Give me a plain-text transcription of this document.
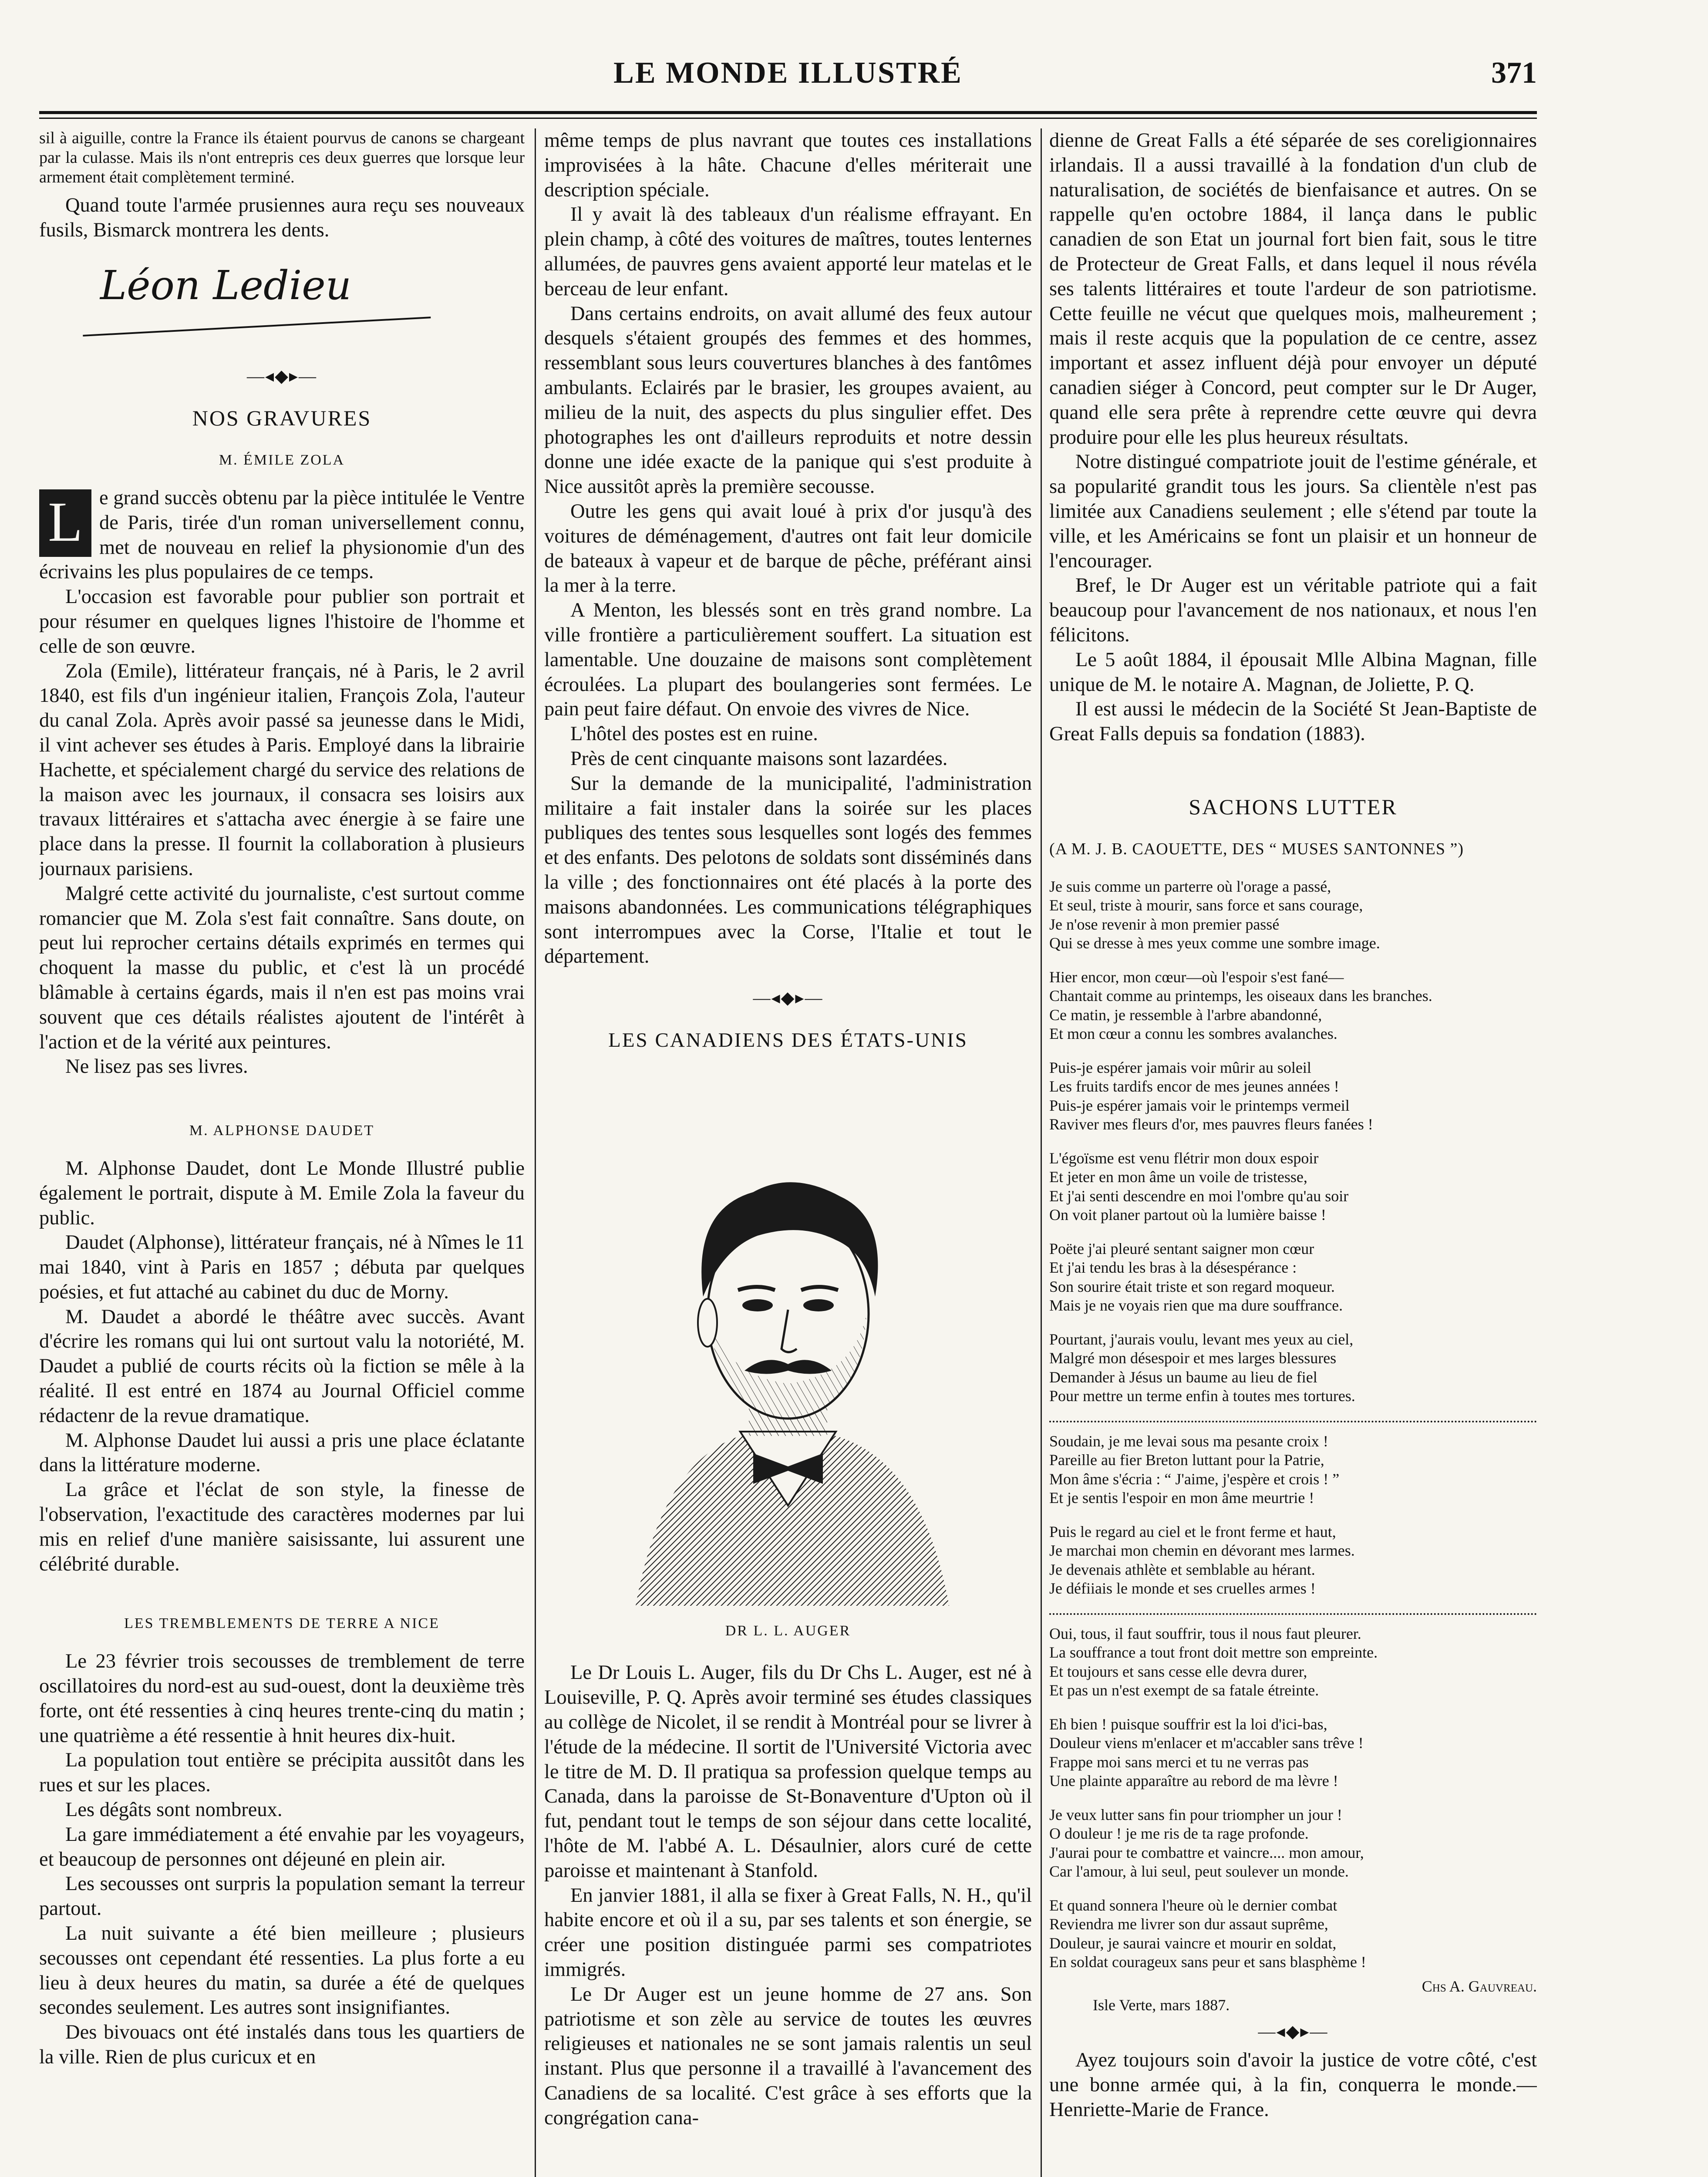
LE MONDE ILLUSTRÉ	371

sil à aiguille, contre la France ils étaient pourvus de canons se chargeant par la culasse. Mais ils n'ont entrepris ces deux guerres que lorsque leur armement était complètement terminé.

Quand toute l'armée prusiennes aura reçu ses nouveaux fusils, Bismarck montrera les dents.

Léon Ledieu
—◂◆▸—
NOS GRAVURES
M. ÉMILE ZOLA

L e grand succès obtenu par la pièce intitulée le Ventre de Paris, tirée d'un roman universellement connu, met de nouveau en relief la physionomie d'un des écrivains les plus populaires de ce temps.

L'occasion est favorable pour publier son portrait et pour résumer en quelques lignes l'histoire de l'homme et celle de son œuvre.

Zola (Emile), littérateur français, né à Paris, le 2 avril 1840, est fils d'un ingénieur italien, François Zola, l'auteur du canal Zola. Après avoir passé sa jeunesse dans le Midi, il vint achever ses études à Paris. Employé dans la librairie Hachette, et spécialement chargé du service des relations de la maison avec les journaux, il consacra ses loisirs aux travaux littéraires et s'attacha avec énergie à se faire une place dans la presse. Il fournit la collaboration à plusieurs journaux parisiens.

Malgré cette activité du journaliste, c'est surtout comme romancier que M. Zola s'est fait connaître. Sans doute, on peut lui reprocher certains détails exprimés en termes qui choquent la masse du public, et c'est là un procédé blâmable à certains égards, mais il n'en est pas moins vrai souvent que ces détails réalistes ajoutent de l'intérêt à l'action et de la vérité aux peintures.

Ne lisez pas ses livres.

M. ALPHONSE DAUDET

M. Alphonse Daudet, dont Le Monde Illustré publie également le portrait, dispute à M. Emile Zola la faveur du public.

Daudet (Alphonse), littérateur français, né à Nîmes le 11 mai 1840, vint à Paris en 1857 ; débuta par quelques poésies, et fut attaché au cabinet du duc de Morny.

M. Daudet a abordé le théâtre avec succès. Avant d'écrire les romans qui lui ont surtout valu la notoriété, M. Daudet a publié de courts récits où la fiction se mêle à la réalité. Il est entré en 1874 au Journal Officiel comme rédactenr de la revue dramatique.

M. Alphonse Daudet lui aussi a pris une place éclatante dans la littérature moderne.

La grâce et l'éclat de son style, la finesse de l'observation, l'exactitude des caractères modernes par lui mis en relief d'une manière saisissante, lui assurent une célébrité durable.

LES TREMBLEMENTS DE TERRE A NICE

Le 23 février trois secousses de tremblement de terre oscillatoires du nord-est au sud-ouest, dont la deuxième très forte, ont été ressenties à cinq heures trente-cinq du matin ; une quatrième a été ressentie à hnit heures dix-huit.

La population tout entière se précipita aussitôt dans les rues et sur les places.

Les dégâts sont nombreux.

La gare immédiatement a été envahie par les voyageurs, et beaucoup de personnes ont déjeuné en plein air.

Les secousses ont surpris la population semant la terreur partout.

La nuit suivante a été bien meilleure ; plusieurs secousses ont cependant été ressenties. La plus forte a eu lieu à deux heures du matin, sa durée a été de quelques secondes seulement. Les autres sont insignifiantes.

Des bivouacs ont été instalés dans tous les quartiers de la ville. Rien de plus curicux et en

même temps de plus navrant que toutes ces installations improvisées à la hâte. Chacune d'elles mériterait une description spéciale.

Il y avait là des tableaux d'un réalisme effrayant. En plein champ, à côté des voitures de maîtres, toutes lenternes allumées, de pauvres gens avaient apporté leur matelas et le berceau de leur enfant.

Dans certains endroits, on avait allumé des feux autour desquels s'étaient groupés des femmes et des hommes, ressemblant sous leurs couvertures blanches à des fantômes ambulants. Eclairés par le brasier, les groupes avaient, au milieu de la nuit, des aspects du plus singulier effet. Des photographes les ont d'ailleurs reproduits et notre dessin donne une idée exacte de la panique qui s'est produite à Nice aussitôt après la première secousse.

Outre les gens qui avait loué à prix d'or jusqu'à des voitures de déménagement, d'autres ont fait leur domicile de bateaux à vapeur et de barque de pêche, préférant ainsi la mer à la terre.

A Menton, les blessés sont en très grand nombre. La ville frontière a particulièrement souffert. La situation est lamentable. Une douzaine de maisons sont complètement écroulées. La plupart des boulangeries sont fermées. Le pain peut faire défaut. On envoie des vivres de Nice.

L'hôtel des postes est en ruine.

Près de cent cinquante maisons sont lazardées.

Sur la demande de la municipalité, l'administration militaire a fait instaler dans la soirée sur les places publiques des tentes sous lesquelles sont logés des femmes et des enfants. Des pelotons de soldats sont disséminés dans la ville ; des fonctionnaires ont été placés à la porte des maisons abandonnées. Les communications télégraphiques sont interrompues avec la Corse, l'Italie et tout le département.

—◂◆▸—
LES CANADIENS DES ÉTATS-UNIS
DR L. L. AUGER

Le Dr Louis L. Auger, fils du Dr Chs L. Auger, est né à Louiseville, P. Q. Après avoir terminé ses études classiques au collège de Nicolet, il se rendit à Montréal pour se livrer à l'étude de la médecine. Il sortit de l'Université Victoria avec le titre de M. D. Il pratiqua sa profession quelque temps au Canada, dans la paroisse de St-Bonaventure d'Upton où il fut, pendant tout le temps de son séjour dans cette localité, l'hôte de M. l'abbé A. L. Désaulnier, alors curé de cette paroisse et maintenant à Stanfold.

En janvier 1881, il alla se fixer à Great Falls, N. H., qu'il habite encore et où il a su, par ses talents et son énergie, se créer une position distinguée parmi ses compatriotes immigrés.

Le Dr Auger est un jeune homme de 27 ans. Son patriotisme et son zèle au service de toutes les œuvres religieuses et nationales ne se sont jamais ralentis un seul instant. Plus que personne il a travaillé à l'avancement des Canadiens de sa localité. C'est grâce à ses efforts que la congrégation cana-

dienne de Great Falls a été séparée de ses coreligionnaires irlandais. Il a aussi travaillé à la fondation d'un club de naturalisation, de sociétés de bienfaisance et autres. On se rappelle qu'en octobre 1884, il lança dans le public canadien de son Etat un journal fort bien fait, sous le titre de Protecteur de Great Falls, et dans lequel il nous révéla ses talents littéraires et toute l'ardeur de son patriotisme. Cette feuille ne vécut que quelques mois, malheurement ; mais il reste acquis que la population de ce centre, assez important et assez influent déjà pour envoyer un député canadien siéger à Concord, peut compter sur le Dr Auger, quand elle sera prête à reprendre cette œuvre qui devra produire pour elle les plus heureux résultats.

Notre distingué compatriote jouit de l'estime générale, et sa popularité grandit tous les jours. Sa clientèle n'est pas limitée aux Canadiens seulement ; elle s'étend par toute la ville, et les Américains se font un plaisir et un honneur de l'encourager.

Bref, le Dr Auger est un véritable patriote qui a fait beaucoup pour l'avancement de nos nationaux, et nous l'en félicitons.

Le 5 août 1884, il épousait Mlle Albina Magnan, fille unique de M. le notaire A. Magnan, de Joliette, P. Q.

Il est aussi le médecin de la Société St Jean-Baptiste de Great Falls depuis sa fondation (1883).

SACHONS LUTTER
(A M. J. B. CAOUETTE, DES “ MUSES SANTONNES ”)
Je suis comme un parterre où l'orage a passé,
Et seul, triste à mourir, sans force et sans courage,
Je n'ose revenir à mon premier passé
Qui se dresse à mes yeux comme une sombre image.
Hier encor, mon cœur—où l'espoir s'est fané—
Chantait comme au printemps, les oiseaux dans les branches.
Ce matin, je ressemble à l'arbre abandonné,
Et mon cœur a connu les sombres avalanches.
Puis-je espérer jamais voir mûrir au soleil
Les fruits tardifs encor de mes jeunes années !
Puis-je espérer jamais voir le printemps vermeil
Raviver mes fleurs d'or, mes pauvres fleurs fanées !
L'égoïsme est venu flétrir mon doux espoir
Et jeter en mon âme un voile de tristesse,
Et j'ai senti descendre en moi l'ombre qu'au soir
On voit planer partout où la lumière baisse !
Poëte j'ai pleuré sentant saigner mon cœur
Et j'ai tendu les bras à la désespérance :
Son sourire était triste et son regard moqueur.
Mais je ne voyais rien que ma dure souffrance.
Pourtant, j'aurais voulu, levant mes yeux au ciel,
Malgré mon désespoir et mes larges blessures
Demander à Jésus un baume au lieu de fiel
Pour mettre un terme enfin à toutes mes tortures.
Soudain, je me levai sous ma pesante croix !
Pareille au fier Breton luttant pour la Patrie,
Mon âme s'écria : “ J'aime, j'espère et crois ! ”
Et je sentis l'espoir en mon âme meurtrie !
Puis le regard au ciel et le front ferme et haut,
Je marchai mon chemin en dévorant mes larmes.
Je devenais athlète et semblable au hérant.
Je défiiais le monde et ses cruelles armes !
Oui, tous, il faut souffrir, tous il nous faut pleurer.
La souffrance a tout front doit mettre son empreinte.
Et toujours et sans cesse elle devra durer,
Et pas un n'est exempt de sa fatale étreinte.
Eh bien ! puisque souffrir est la loi d'ici-bas,
Douleur viens m'enlacer et m'accabler sans trêve !
Frappe moi sans merci et tu ne verras pas
Une plainte apparaître au rebord de ma lèvre !
Je veux lutter sans fin pour triompher un jour !
O douleur ! je me ris de ta rage profonde.
J'aurai pour te combattre et vaincre.... mon amour,
Car l'amour, à lui seul, peut soulever un monde.
Et quand sonnera l'heure où le dernier combat
Reviendra me livrer son dur assaut suprême,
Douleur, je saurai vaincre et mourir en soldat,
En soldat courageux sans peur et sans blasphème !
Chs A. Gauvreau.
Isle Verte, mars 1887.
—◂◆▸—

Ayez toujours soin d'avoir la justice de votre côté, c'est une bonne armée qui, à la fin, conquerra le monde.—Henriette-Marie de France.
